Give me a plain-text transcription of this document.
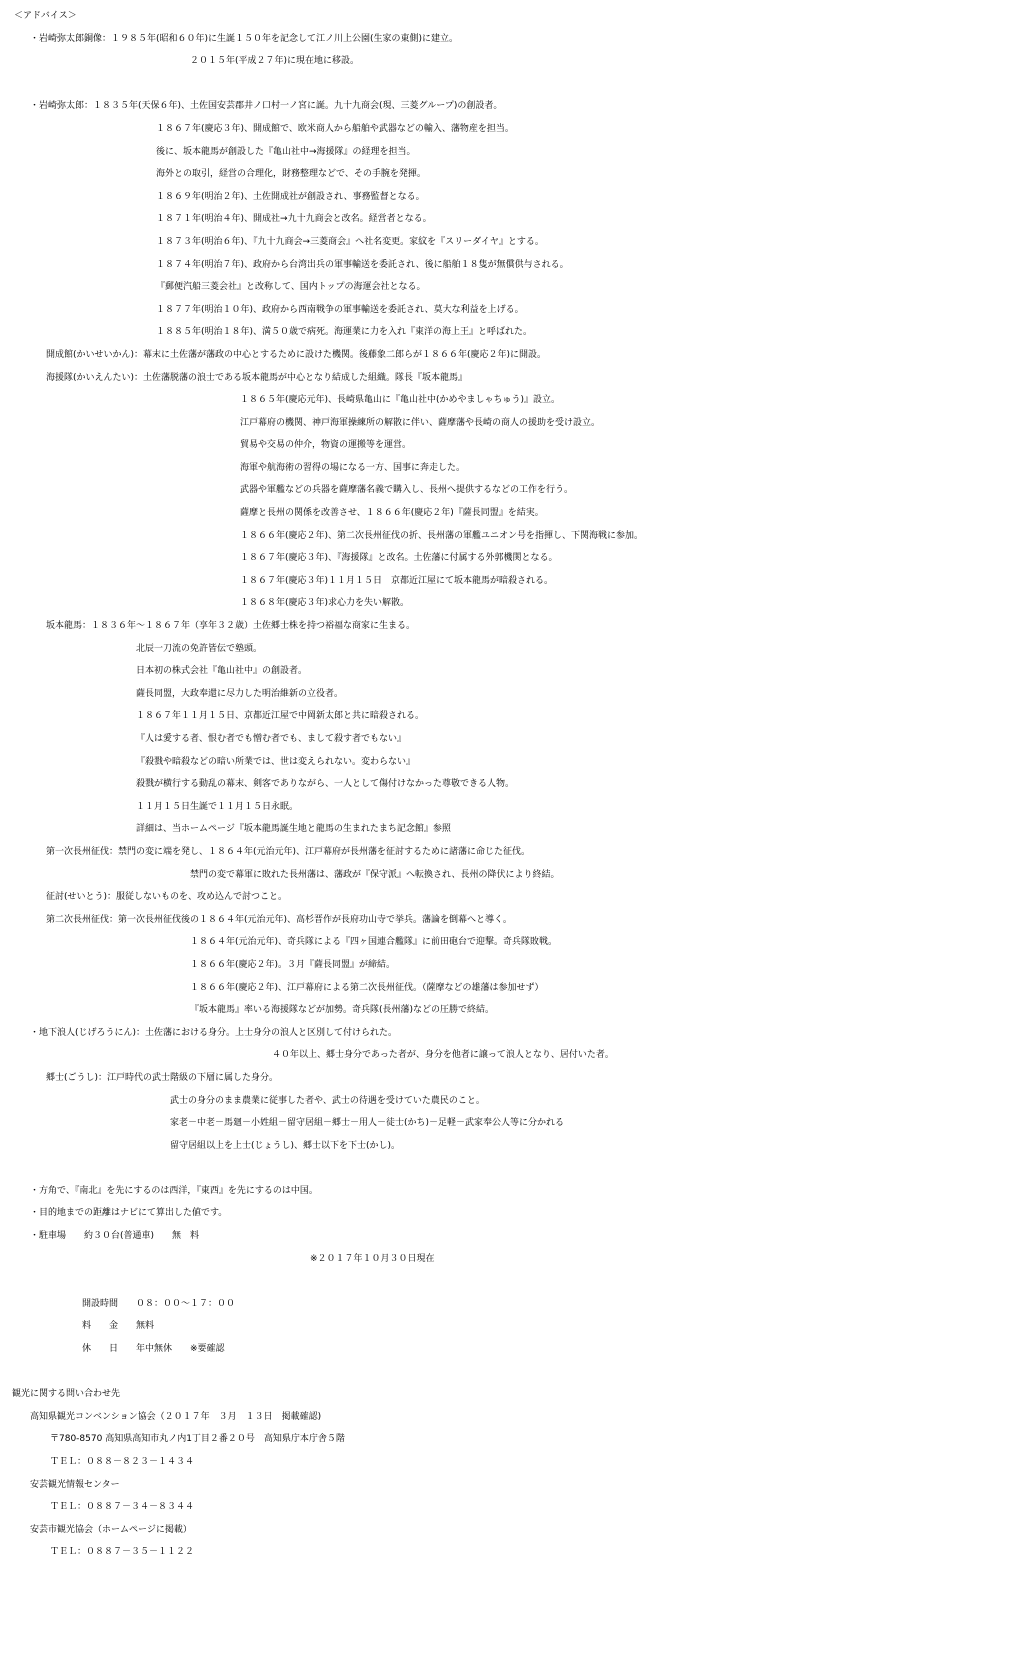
＜アドバイス＞
・岩崎弥太郎銅像：１９８５年(昭和６０年)に生誕１５０年を記念して江ノ川上公園(生家の東側)に建立。
２０１５年(平成２７年)に現在地に移設。
・岩崎弥太郎：１８３５年(天保６年)、土佐国安芸郡井ノ口村一ノ宮に誕。九十九商会(現、三菱グループ)の創設者。
１８６７年(慶応３年)、開成館で、欧米商人から船舶や武器などの輸入、藩物産を担当。
後に、坂本龍馬が創設した『亀山社中→海援隊』の経理を担当。
海外との取引，経営の合理化，財務整理などで、その手腕を発揮。
１８６９年(明治２年)、土佐開成社が創設され、事務監督となる。
１８７１年(明治４年)、開成社→九十九商会と改名。経営者となる。
１８７３年(明治６年)、『九十九商会→三菱商会』へ社名変更。家紋を『スリーダイヤ』とする。
１８７４年(明治７年)、政府から台湾出兵の軍事輸送を委託され、後に船舶１８隻が無償供与される。
『郵便汽船三菱会社』と改称して、国内トップの海運会社となる。
１８７７年(明治１０年)、政府から西南戦争の軍事輸送を委託され、莫大な利益を上げる。
１８８５年(明治１８年)、満５０歳で病死。海運業に力を入れ『東洋の海上王』と呼ばれた。
開成館(かいせいかん)：幕末に土佐藩が藩政の中心とするために設けた機関。後藤象二郎らが１８６６年(慶応２年)に開設。
海援隊(かいえんたい)：土佐藩脱藩の浪士である坂本龍馬が中心となり結成した組織。隊長『坂本龍馬』
１８６５年(慶応元年)、長崎県亀山に『亀山社中(かめやましゃちゅう)』設立。
江戸幕府の機関、神戸海軍操練所の解散に伴い、薩摩藩や長崎の商人の援助を受け設立。
貿易や交易の仲介，物資の運搬等を運営。
海軍や航海術の習得の場になる一方、国事に奔走した。
武器や軍艦などの兵器を薩摩藩名義で購入し、長州へ提供するなどの工作を行う。
薩摩と長州の関係を改善させ、１８６６年(慶応２年)『薩長同盟』を結実。
１８６６年(慶応２年)、第二次長州征伐の折、長州藩の軍艦ユニオン号を指揮し、下関海戦に参加。
１８６７年(慶応３年)、『海援隊』と改名。土佐藩に付属する外郭機関となる。
１８６７年(慶応３年)１１月１５日　京都近江屋にて坂本龍馬が暗殺される。
１８６８年(慶応３年)求心力を失い解散。
坂本龍馬：１８３６年～１８６７年（享年３２歳）土佐郷士株を持つ裕福な商家に生まる。
北辰一刀流の免許皆伝で塾頭。
日本初の株式会社『亀山社中』の創設者。
薩長同盟，大政奉還に尽力した明治維新の立役者。
１８６７年１１月１５日、京都近江屋で中岡新太郎と共に暗殺される。
『人は愛する者、恨む者でも憎む者でも、まして殺す者でもない』
『殺戮や暗殺などの暗い所業では、世は変えられない。変わらない』
殺戮が横行する動乱の幕末、剣客でありながら、一人として傷付けなかった尊敬できる人物。
１１月１５日生誕で１１月１５日永眠。
詳細は、当ホームページ『坂本龍馬誕生地と龍馬の生まれたまち記念館』参照
第一次長州征伐：禁門の変に端を発し、１８６４年(元治元年)、江戸幕府が長州藩を征討するために諸藩に命じた征伐。
禁門の変で幕軍に敗れた長州藩は、藩政が『保守派』へ転換され、長州の降伏により終結。
征討(せいとう)：服従しないものを、攻め込んで討つこと。
第二次長州征伐：第一次長州征伐後の１８６４年(元治元年)、高杉晋作が長府功山寺で挙兵。藩論を倒幕へと導く。
１８６４年(元治元年)、奇兵隊による『四ヶ国連合艦隊』に前田砲台で迎撃。奇兵隊敗戦。
１８６６年(慶応２年)。３月『薩長同盟』が締結。
１８６６年(慶応２年)、江戸幕府による第二次長州征伐。（薩摩などの雄藩は参加せず）
『坂本龍馬』率いる海援隊などが加勢。奇兵隊(長州藩)などの圧勝で終結。
・地下浪人(じげろうにん)：土佐藩における身分。上士身分の浪人と区別して付けられた。
４０年以上、郷士身分であった者が、身分を他者に譲って浪人となり、居付いた者。
郷士(ごうし)：江戸時代の武士階級の下層に属した身分。
武士の身分のまま農業に従事した者や、武士の待遇を受けていた農民のこと。
家老－中老－馬廻－小姓組－留守居組－郷士－用人－徒士(かち)－足軽－武家奉公人等に分かれる
留守居組以上を上士(じょうし)、郷士以下を下士(かし)。
・方角で、『南北』を先にするのは西洋，『東西』を先にするのは中国。
・目的地までの距離はナビにて算出した値です。
・駐車場　　約３０台(普通車)　　無　料
※２０１７年１０月３０日現在
開設時間　　０８：００～１７：００
料　　金　　無料
休　　日　　年中無休　　※要確認
観光に関する問い合わせ先
高知県観光コンベンション協会（２０１７年　３月　１３日　掲載確認)
〒780-8570 高知県高知市丸ノ内1丁目２番２０号　高知県庁本庁舎５階
ＴＥＬ：０８８－８２３－１４３４
安芸観光情報センター
ＴＥＬ：０８８７－３４－８３４４
安芸市観光協会（ホームページに掲載）
ＴＥＬ：０８８７－３５－１１２２
